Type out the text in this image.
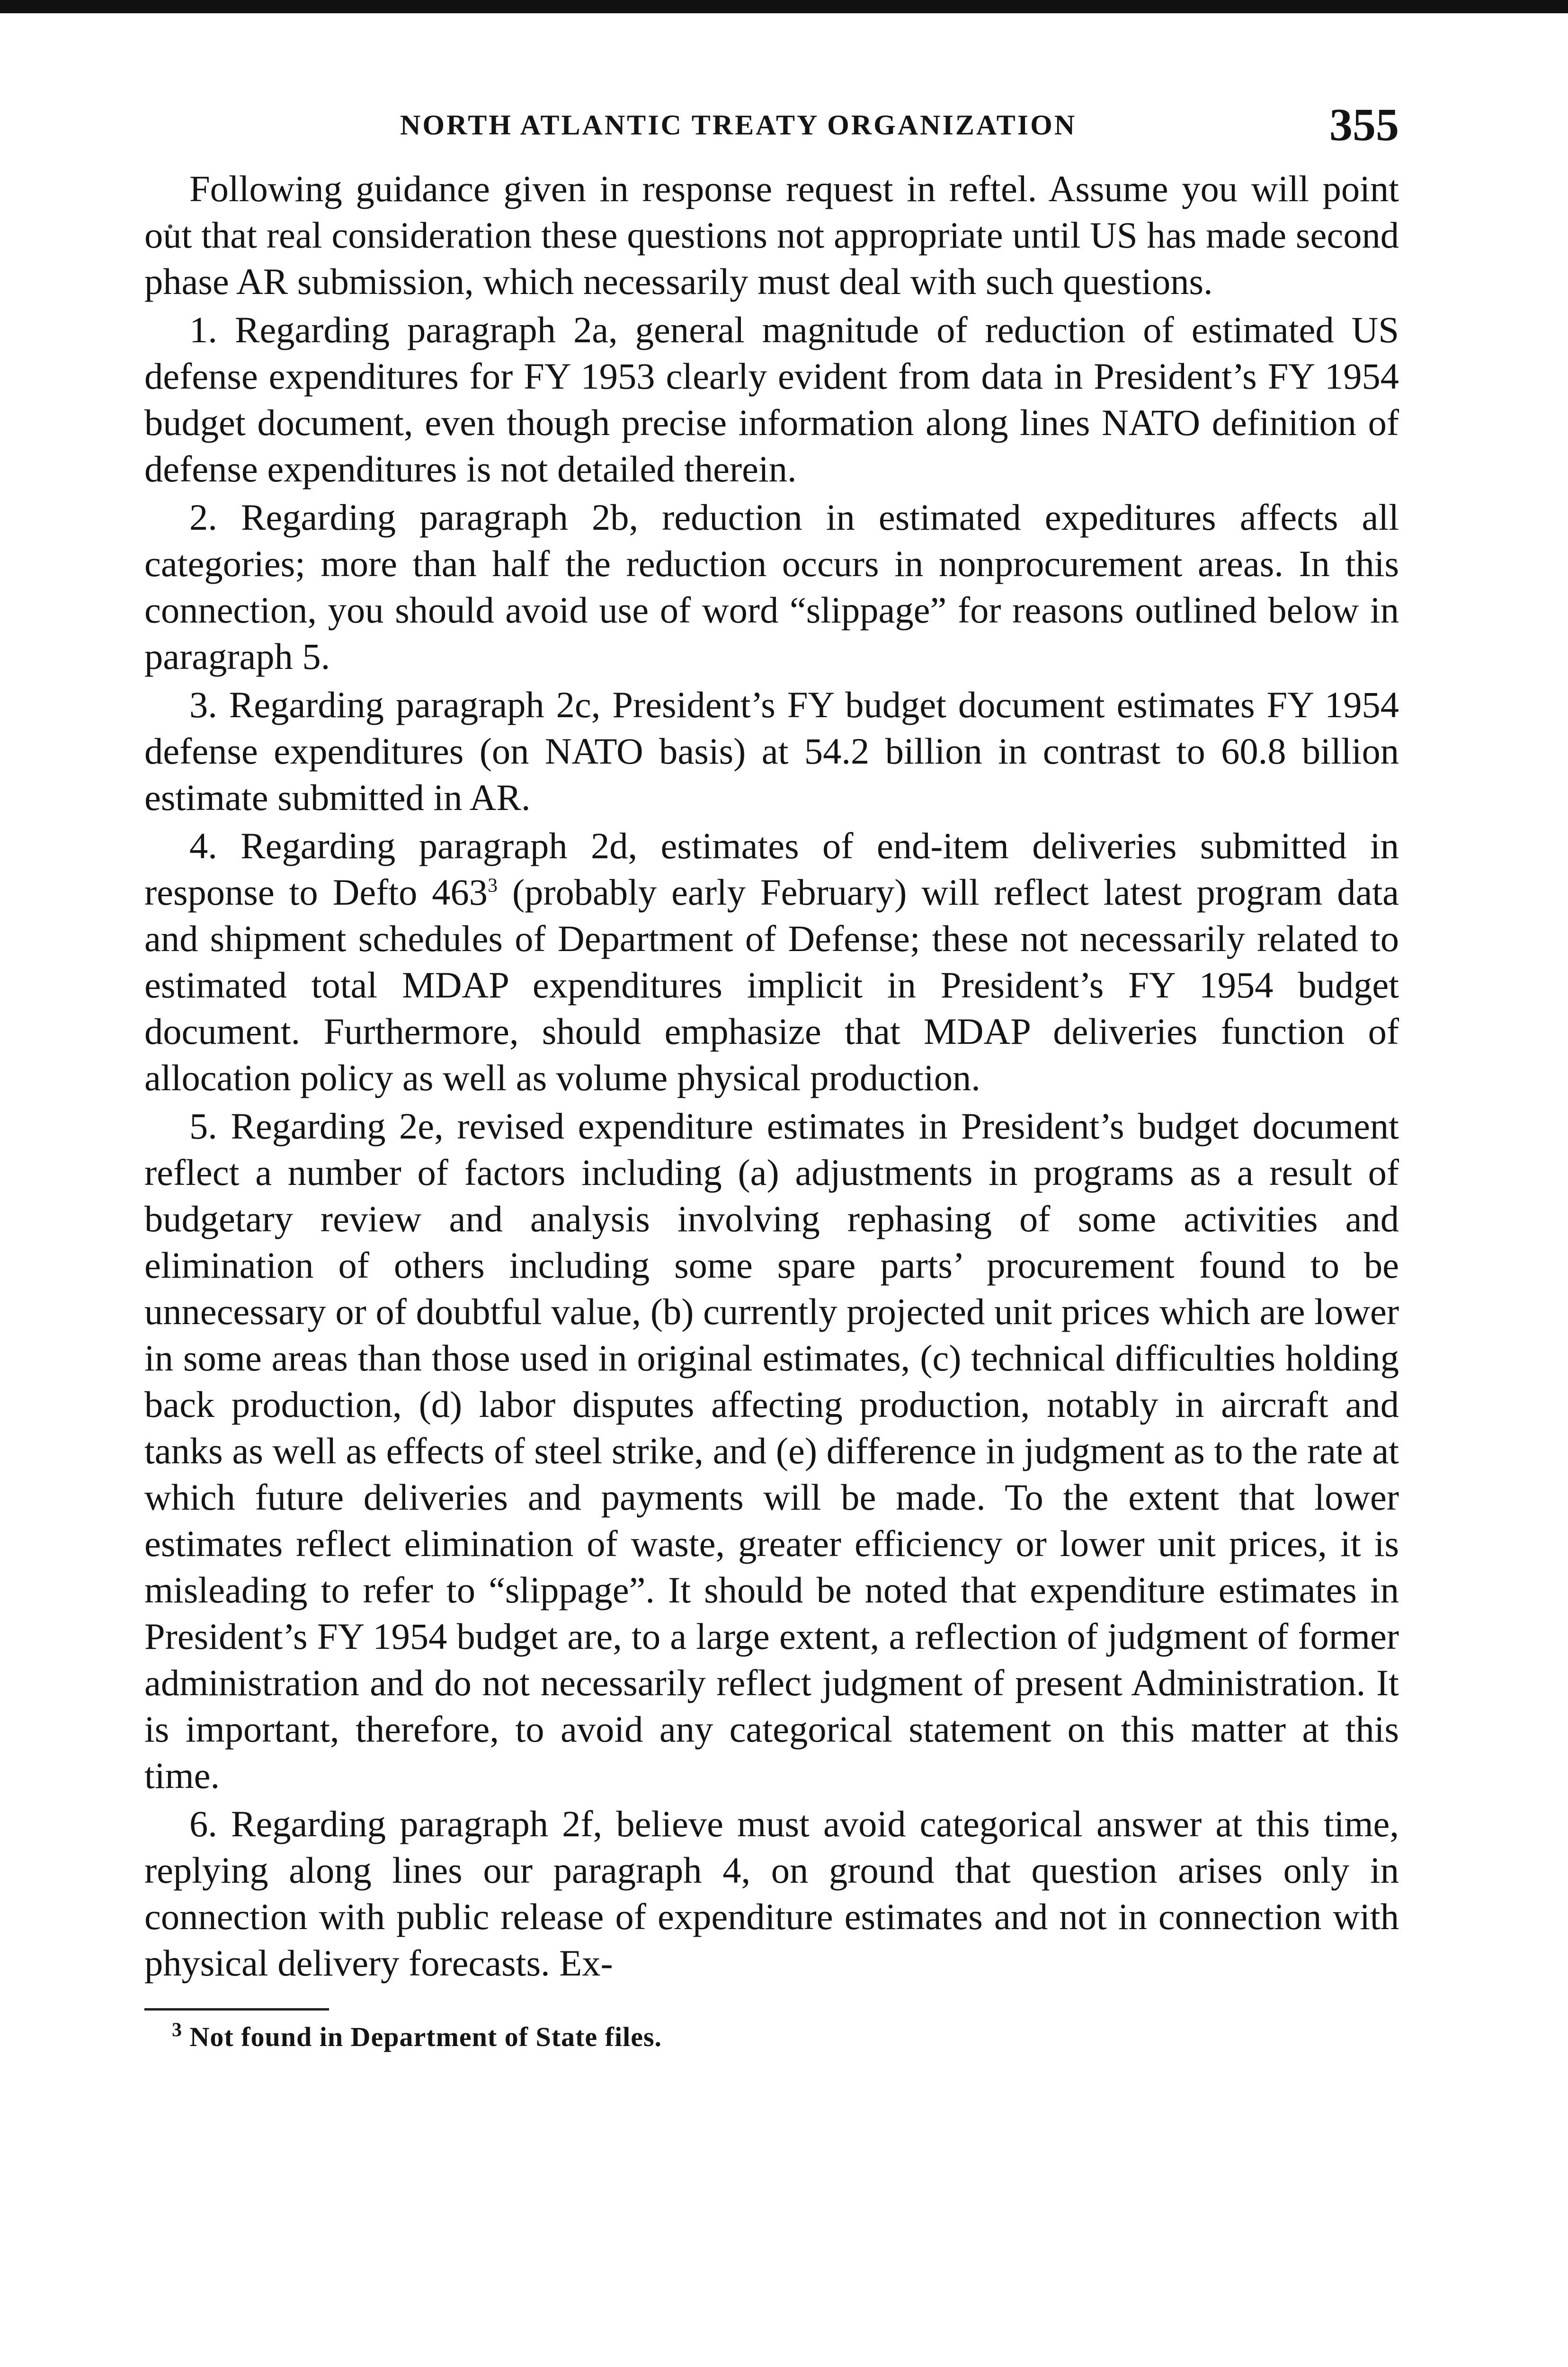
NORTH ATLANTIC TREATY ORGANIZATION	355

Following guidance given in response request in reftel. Assume you will point out that real consideration these questions not appropriate until US has made second phase AR submission, which necessarily must deal with such questions.

1. Regarding paragraph 2a, general magnitude of reduction of estimated US defense expenditures for FY 1953 clearly evident from data in President’s FY 1954 budget document, even though precise information along lines NATO definition of defense expenditures is not detailed therein.

2. Regarding paragraph 2b, reduction in estimated expeditures affects all categories; more than half the reduction occurs in nonprocurement areas. In this connection, you should avoid use of word “slippage” for reasons outlined below in paragraph 5.

3. Regarding paragraph 2c, President’s FY budget document estimates FY 1954 defense expenditures (on NATO basis) at 54.2 billion in contrast to 60.8 billion estimate submitted in AR.

4. Regarding paragraph 2d, estimates of end-item deliveries submitted in response to Defto $463^3$ (probably early February) will reflect latest program data and shipment schedules of Department of Defense; these not necessarily related to estimated total MDAP expenditures implicit in President’s FY 1954 budget document. Furthermore, should emphasize that MDAP deliveries function of allocation policy as well as volume physical production.

5. Regarding 2e, revised expenditure estimates in President’s budget document reflect a number of factors including (a) adjustments in programs as a result of budgetary review and analysis involving rephasing of some activities and elimination of others including some spare parts’ procurement found to be unnecessary or of doubtful value, (b) currently projected unit prices which are lower in some areas than those used in original estimates, (c) technical difficulties holding back production, (d) labor disputes affecting production, notably in aircraft and tanks as well as effects of steel strike, and (e) difference in judgment as to the rate at which future deliveries and payments will be made. To the extent that lower estimates reflect elimination of waste, greater efficiency or lower unit prices, it is misleading to refer to “slippage”. It should be noted that expenditure estimates in President’s FY 1954 budget are, to a large extent, a reflection of judgment of former administration and do not necessarily reflect judgment of present Administration. It is important, therefore, to avoid any categorical statement on this matter at this time.

6. Regarding paragraph 2f, believe must avoid categorical answer at this time, replying along lines our paragraph 4, on ground that question arises only in connection with public release of expenditure estimates and not in connection with physical delivery forecasts. Ex-

$^3$ Not found in Department of State files.
